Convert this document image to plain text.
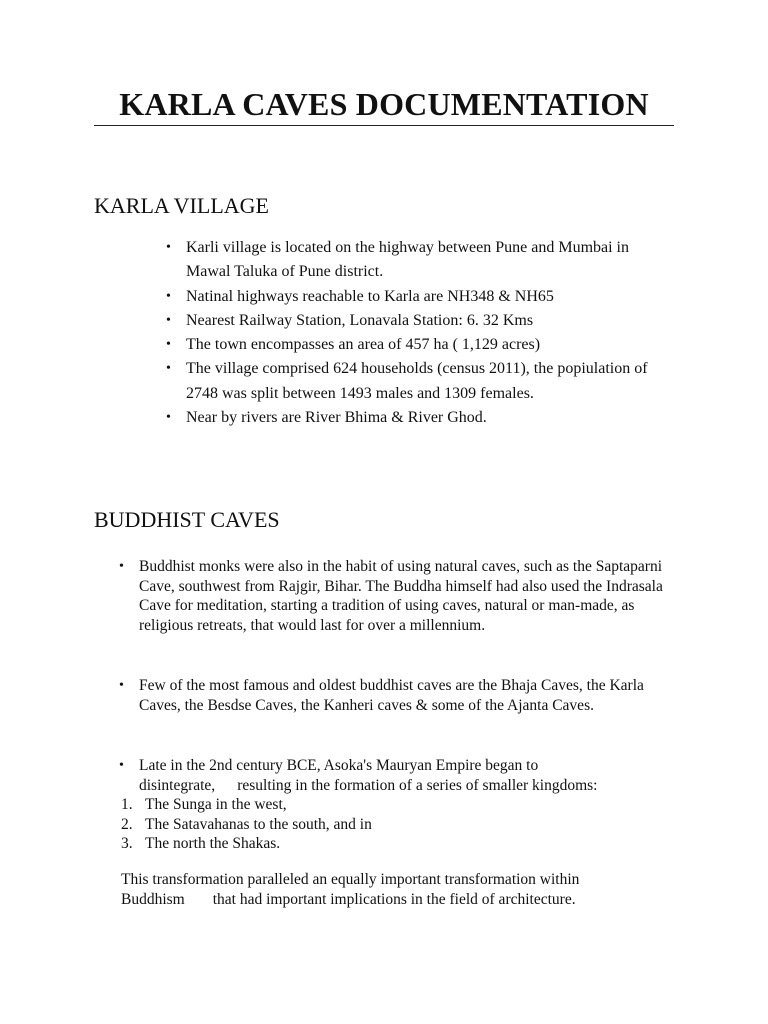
KARLA CAVES DOCUMENTATION
KARLA VILLAGE
• Karli village is located on the highway between Pune and Mumbai in Mawal Taluka of Pune district.
• Natinal highways reachable to Karla are NH348 & NH65
• Nearest Railway Station, Lonavala Station: 6. 32 Kms
• The town encompasses an area of 457 ha ( 1,129 acres)
• The village comprised 624 households (census 2011), the popiulation of 2748 was split between 1493 males and 1309 females.
• Near by rivers are River Bhima & River Ghod.
BUDDHIST CAVES
• Buddhist monks were also in the habit of using natural caves, such as the Saptaparni Cave, southwest from Rajgir, Bihar. The Buddha himself had also used the Indrasala Cave for meditation, starting a tradition of using caves, natural or man-made, as religious retreats, that would last for over a millennium.
• Few of the most famous and oldest buddhist caves are the Bhaja Caves, the Karla Caves, the Besdse Caves, the Kanheri caves & some of the Ajanta Caves.
• Late in the 2nd century BCE, Asoka's Mauryan Empire began to
disintegrate, resulting in the formation of a series of smaller kingdoms:
1. The Sunga in the west,
2. The Satavahanas to the south, and in
3. The north the Shakas.

This transformation paralleled an equally important transformation within
Buddhism that had important implications in the field of architecture.
